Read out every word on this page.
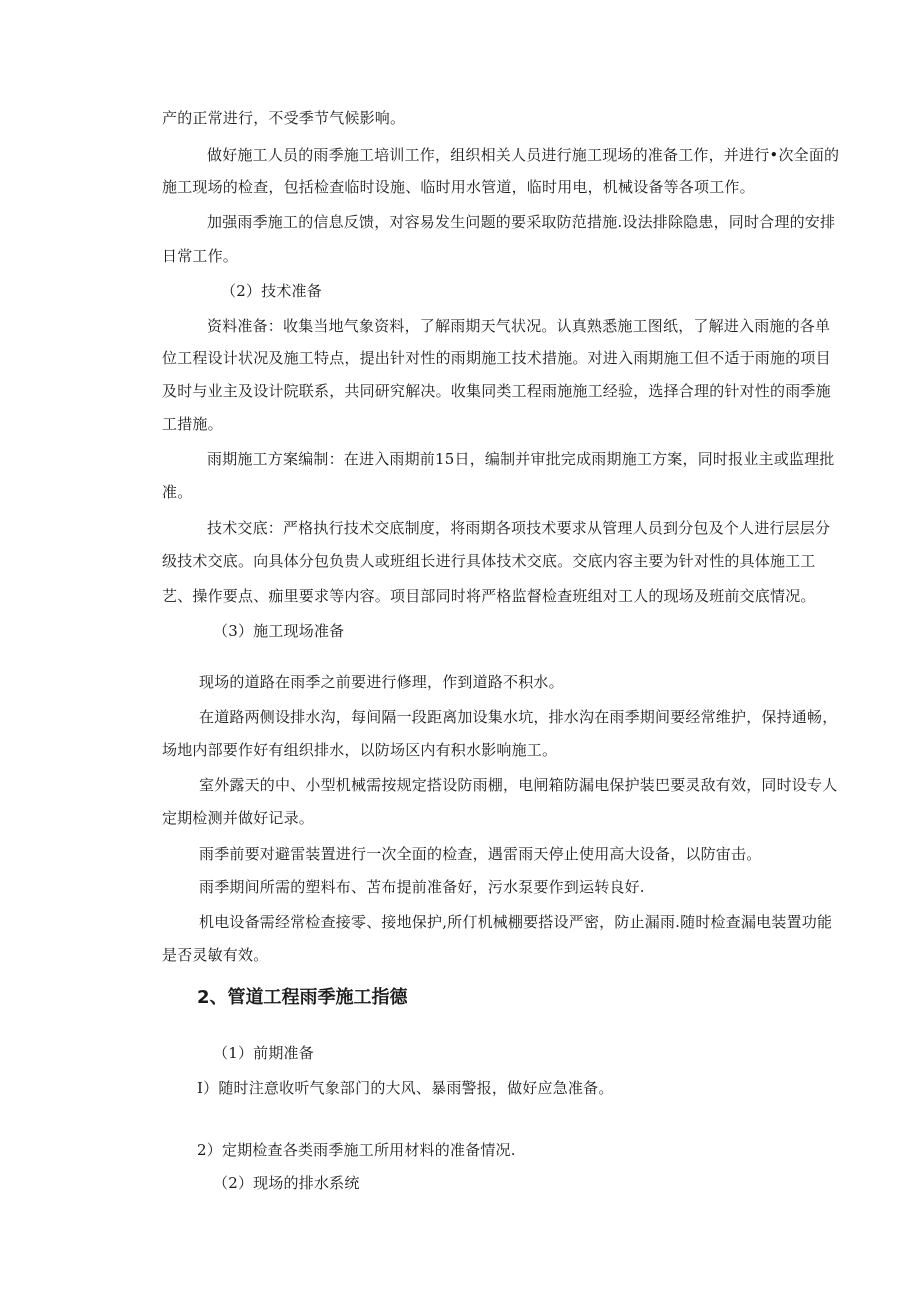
产的正常进行，不受季节气候影响。
做好施工人员的雨季施工培训工作，组织相关人员进行施工现场的准备工作，并进行•次全面的
施工现场的检查，包括检查临时设施、临时用水管道，临时用电，机械设备等各项工作。
加强雨季施工的信息反馈，对容易发生问题的要采取防范措施.设法排除隐患，同时合理的安排
日常工作。
（2）技术准备
资料准备：收集当地气象资料，了解雨期天气状况。认真熟悉施工图纸，了解进入雨施的各单
位工程设计状况及施工特点，提出针对性的雨期施工技术措施。对进入雨期施工但不适于雨施的项目
及时与业主及设计院联系，共同研究解决。收集同类工程雨施施工经验，选择合理的针对性的雨季施
工措施。
雨期施工方案编制：在进入雨期前15日，编制并审批完成雨期施工方案，同时报业主或监理批
准。
技术交底：严格执行技术交底制度，将雨期各项技术要求从管理人员到分包及个人进行层层分
级技术交底。向具体分包负贵人或班组长进行具体技术交底。交底内容主要为针对性的具体施工工
艺、操作要点、痂里要求等内容。项目部同时将严格监督检查班组对工人的现场及班前交底情况。
（3）施工现场准备
现场的道路在雨季之前要进行修理，作到道路不积水。
在道路两侧设排水沟，每间隔一段距离加设集水坑，排水沟在雨季期间要经常维护，保持通畅，
场地内部要作好有组织排水，以防场区内有积水影响施工。
室外露天的中、小型机械需按规定搭设防雨棚，电闸箱防漏电保护装巴要灵敌有效，同时设专人
定期检测并做好记录。
雨季前要对避雷装置进行一次全面的检查，遇雷雨天停止使用高大设备，以防宙击。
雨季期间所需的塑料布、苫布提前准备好，污水泵要作到运转良好.
机电设备需经常检查接零、接地保护,所仃机械棚要搭设严密，防止漏雨.随时检查漏电装置功能
是否灵敏有效。
2、管道工程雨季施工指德
（1）前期准备
I）随时注意收听气象部门的大风、暴雨警报，做好应急准备。
2）定期检查各类雨季施工所用材料的准备情况.
（2）现场的排水系统
